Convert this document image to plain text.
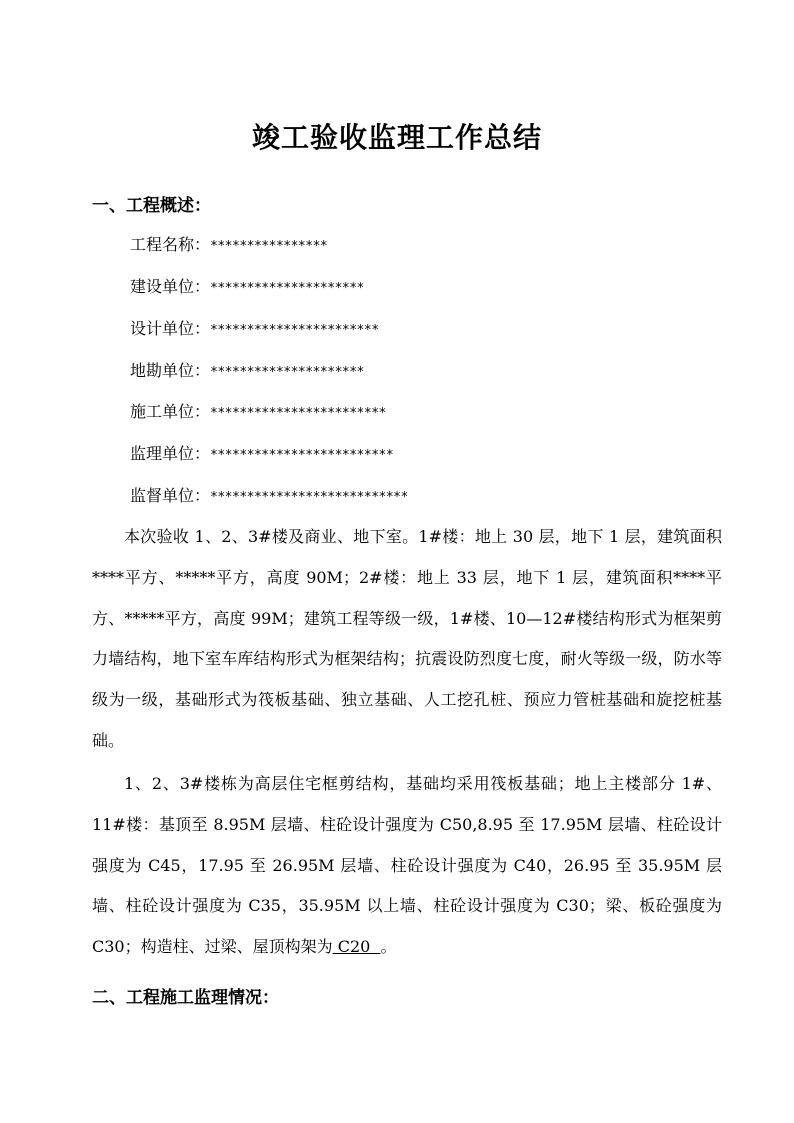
竣工验收监理工作总结
一、工程概述：
工程名称：****************
建设单位：*********************
设计单位：***********************
地勘单位：*********************
施工单位：************************
监理单位：*************************
监督单位：***************************
本次验收 1、2、3#楼及商业、地下室。1#楼：地上 30 层，地下 1 层，建筑面积****平方、*****平方，高度 90M；2#楼：地上 33 层，地下 1 层，建筑面积****平方、*****平方，高度 99M；建筑工程等级一级，1#楼、10—12#楼结构形式为框架剪力墙结构，地下室车库结构形式为框架结构；抗震设防烈度七度，耐火等级一级，防水等级为一级，基础形式为筏板基础、独立基础、人工挖孔桩、预应力管桩基础和旋挖桩基础。
1、2、3#楼栋为高层住宅框剪结构，基础均采用筏板基础；地上主楼部分 1#、11#楼：基顶至 8.95M 层墙、柱砼设计强度为 C50,8.95 至 17.95M 层墙、柱砼设计强度为 C45，17.95 至 26.95M 层墙、柱砼设计强度为 C40，26.95 至 35.95M 层墙、柱砼设计强度为 C35，35.95M 以上墙、柱砼设计强度为 C30；梁、板砼强度为 C30；构造柱、过梁、屋顶构架为 C20  。
二、工程施工监理情况：
